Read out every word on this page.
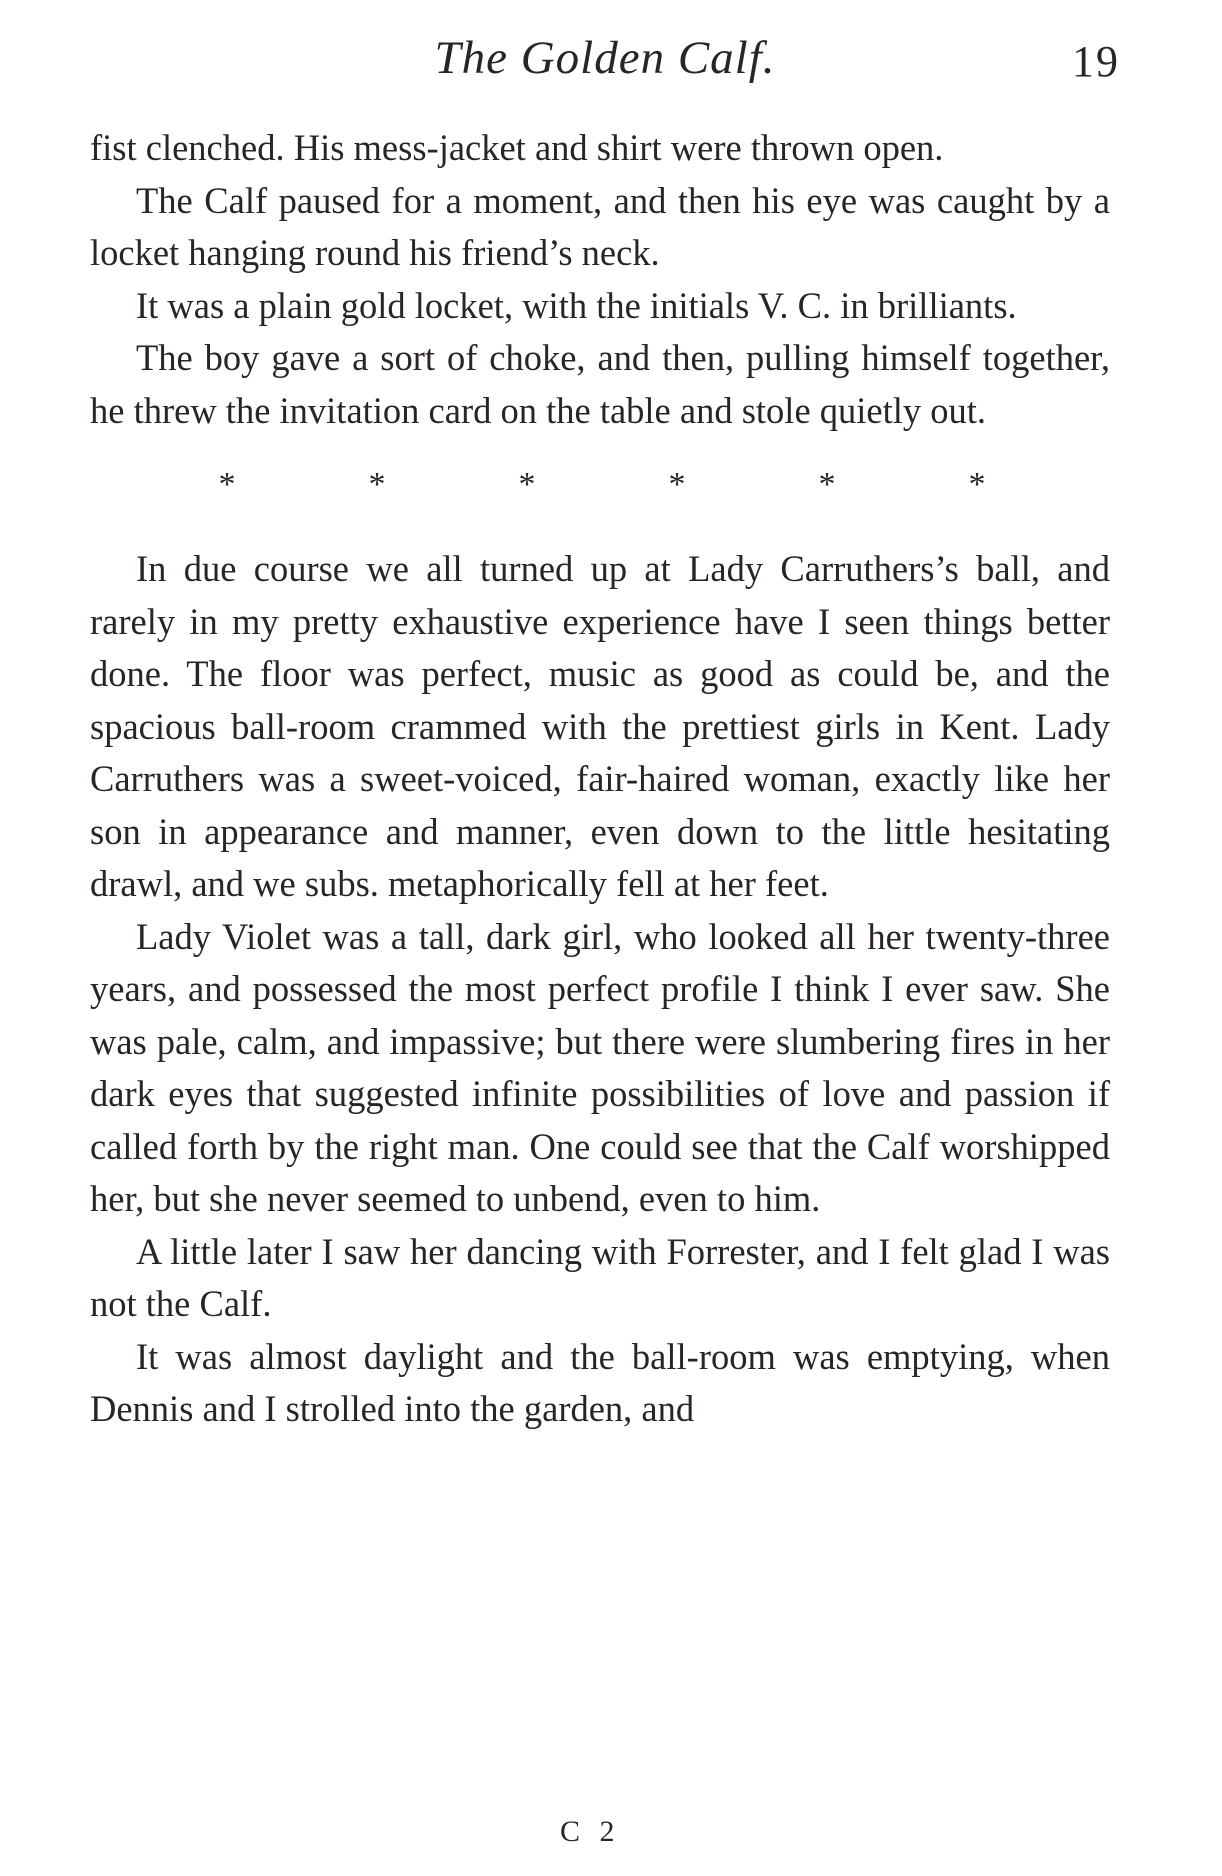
The Golden Calf.	19

fist clenched. His mess-jacket and shirt were thrown open.

The Calf paused for a moment, and then his eye was caught by a locket hanging round his friend’s neck.

It was a plain gold locket, with the initials V. C. in brilliants.

The boy gave a sort of choke, and then, pulling himself together, he threw the invitation card on the table and stole quietly out.

*	*	*	*	*	*

In due course we all turned up at Lady Carruthers’s ball, and rarely in my pretty exhaustive experience have I seen things better done. The floor was perfect, music as good as could be, and the spacious ball-room crammed with the prettiest girls in Kent. Lady Carruthers was a sweet-voiced, fair-haired woman, exactly like her son in appearance and manner, even down to the little hesitating drawl, and we subs. metaphorically fell at her feet.

Lady Violet was a tall, dark girl, who looked all her twenty-three years, and possessed the most perfect profile I think I ever saw. She was pale, calm, and impassive; but there were slumbering fires in her dark eyes that suggested infinite possibilities of love and passion if called forth by the right man. One could see that the Calf worshipped her, but she never seemed to unbend, even to him.

A little later I saw her dancing with Forrester, and I felt glad I was not the Calf.

It was almost daylight and the ball-room was emptying, when Dennis and I strolled into the garden, and

C 2
